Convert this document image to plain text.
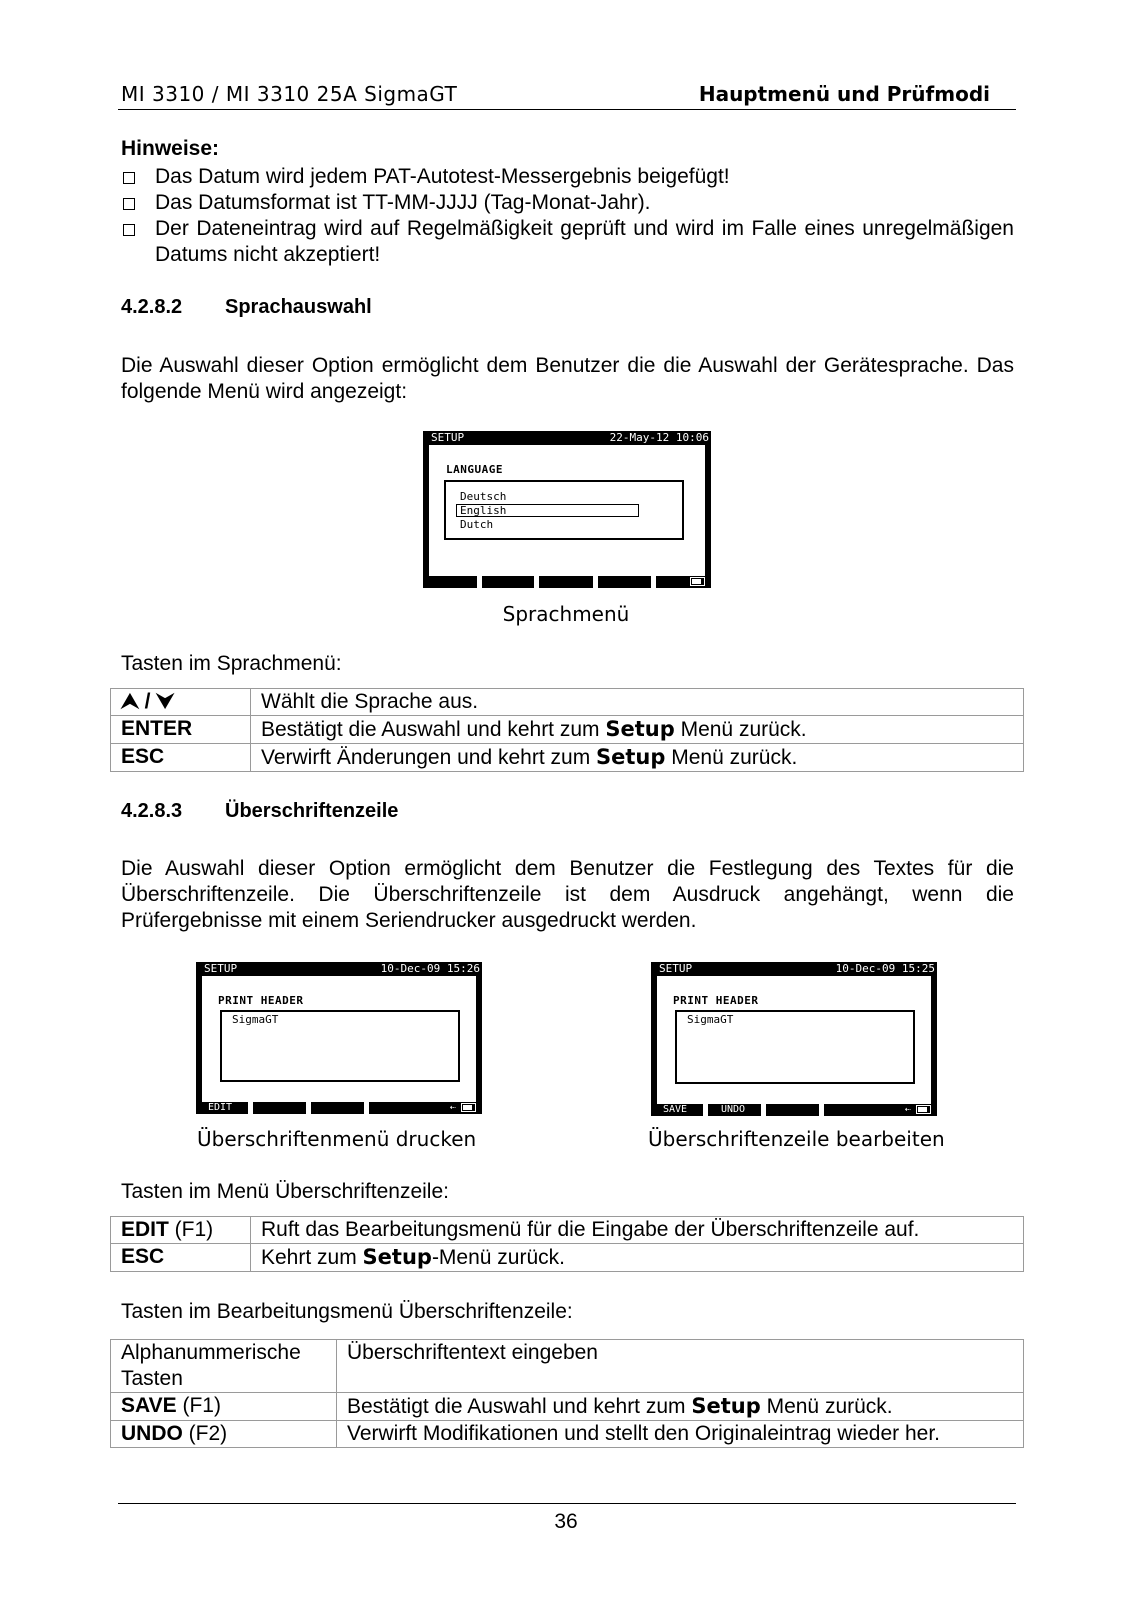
MI 3310 / MI 3310 25A SigmaGT	Hauptmenü und Prüfmodi
Hinweise:
Das Datum wird jedem PAT-Autotest-Messergebnis beigefügt!
Das Datumsformat ist TT-MM-JJJJ (Tag-Monat-Jahr).
Der Dateneintrag wird auf Regelmäßigkeit geprüft und wird im Falle eines unregelmäßigen Datums nicht akzeptiert!
4.2.8.2 Sprachauswahl
Die Auswahl dieser Option ermöglicht dem Benutzer die die Auswahl der Gerätesprache. Das folgende Menü wird angezeigt:
SETUP	22-May-12 10:06
LANGUAGE
Deutsch
English
Dutch
Sprachmenü
Tasten im Sprachmenü:
⮝ / ⮟	Wählt die Sprache aus.
ENTER	Bestätigt die Auswahl und kehrt zum Setup Menü zurück.
ESC	Verwirft Änderungen und kehrt zum Setup Menü zurück.
4.2.8.3 Überschriftenzeile
Die Auswahl dieser Option ermöglicht dem Benutzer die Festlegung des Textes für die Überschriftenzeile. Die Überschriftenzeile ist dem Ausdruck angehängt, wenn die Prüfergebnisse mit einem Seriendrucker ausgedruckt werden.
SETUP	10-Dec-09 15:26
PRINT HEADER
SigmaGT
EDIT	⇠
Überschriftenmenü drucken
SETUP	10-Dec-09 15:25
PRINT HEADER
SigmaGT
SAVE	UNDO	⇠
Überschriftenzeile bearbeiten
Tasten im Menü Überschriftenzeile:
EDIT (F1)	Ruft das Bearbeitungsmenü für die Eingabe der Überschriftenzeile auf.
ESC	Kehrt zum Setup-Menü zurück.
Tasten im Bearbeitungsmenü Überschriftenzeile:
Alphanummerische Tasten	Überschriftentext eingeben
SAVE (F1)	Bestätigt die Auswahl und kehrt zum Setup Menü zurück.
UNDO (F2)	Verwirft Modifikationen und stellt den Originaleintrag wieder her.
36
